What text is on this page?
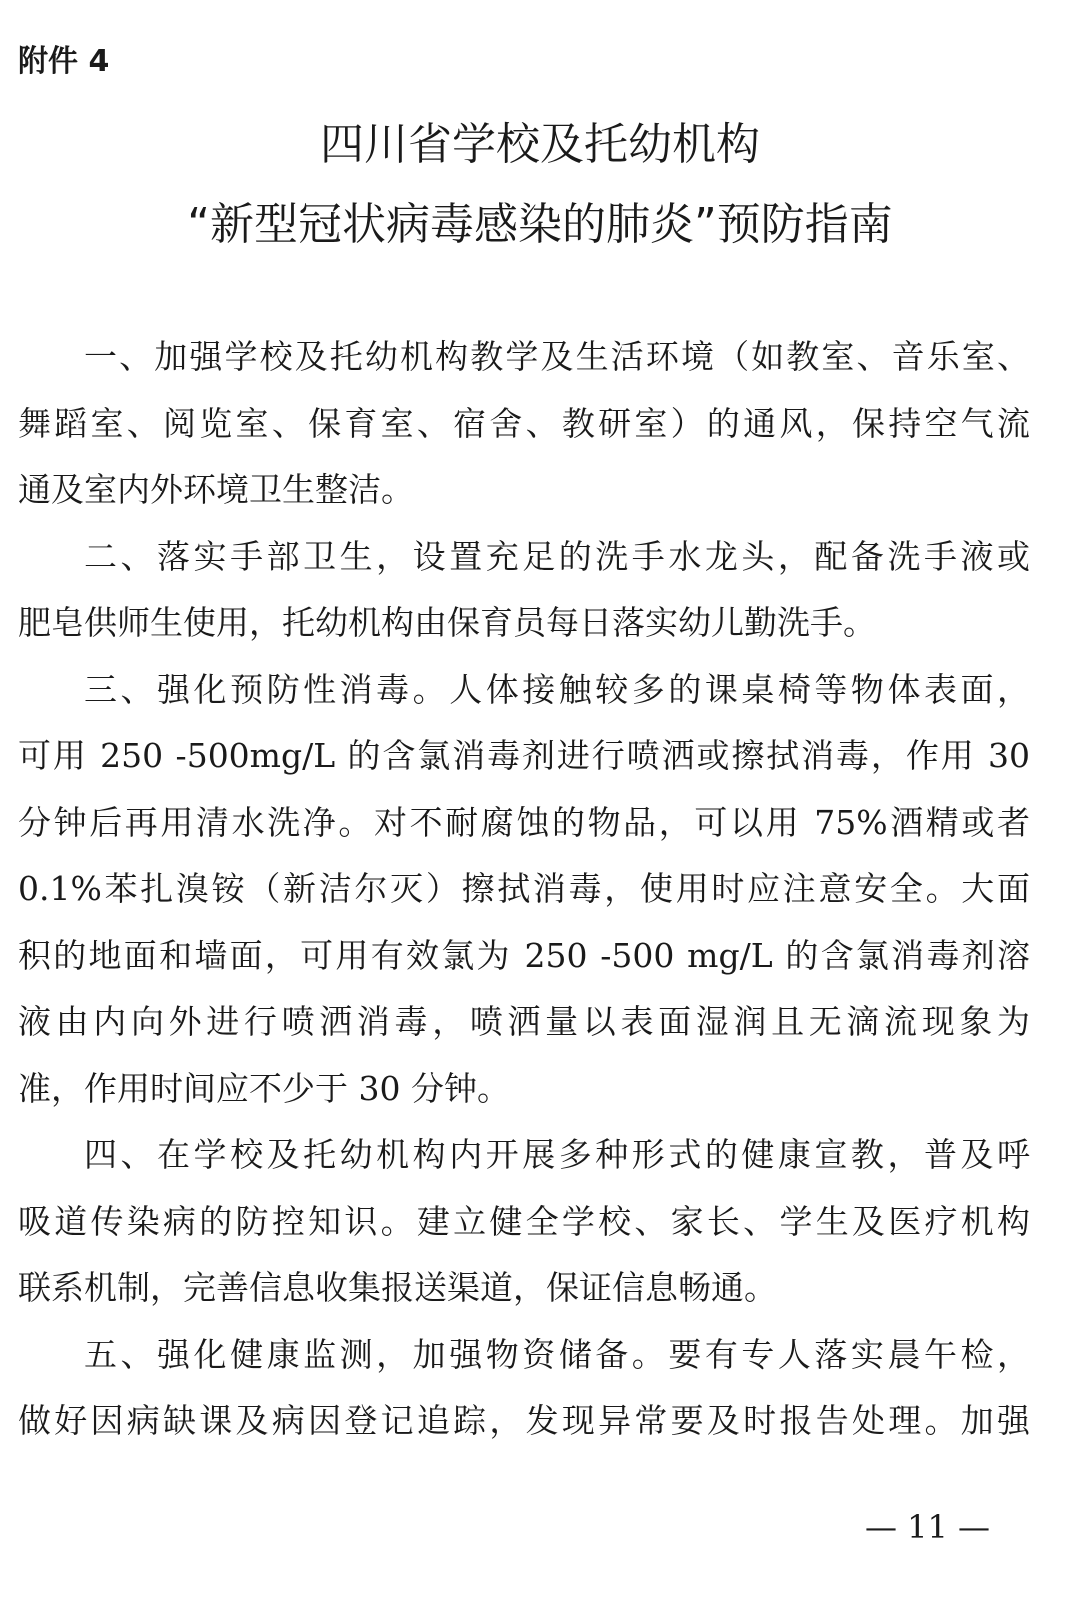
附件 4
四川省学校及托幼机构
“新型冠状病毒感染的肺炎”预防指南
一、加强学校及托幼机构教学及生活环境（如教室、音乐室、
舞蹈室、阅览室、保育室、宿舍、教研室）的通风，保持空气流
通及室内外环境卫生整洁。
二、落实手部卫生，设置充足的洗手水龙头，配备洗手液或
肥皂供师生使用，托幼机构由保育员每日落实幼儿勤洗手。
三、强化预防性消毒。人体接触较多的课桌椅等物体表面，
可用 250 -500mg/L 的含氯消毒剂进行喷洒或擦拭消毒，作用 30
分钟后再用清水洗净。对不耐腐蚀的物品，可以用 75%酒精或者
0.1%苯扎溴铵（新洁尔灭）擦拭消毒，使用时应注意安全。大面
积的地面和墙面，可用有效氯为 250 -500 mg/L 的含氯消毒剂溶
液由内向外进行喷洒消毒，喷洒量以表面湿润且无滴流现象为
准，作用时间应不少于 30 分钟。
四、在学校及托幼机构内开展多种形式的健康宣教，普及呼
吸道传染病的防控知识。建立健全学校、家长、学生及医疗机构
联系机制，完善信息收集报送渠道，保证信息畅通。
五、强化健康监测，加强物资储备。要有专人落实晨午检，
做好因病缺课及病因登记追踪，发现异常要及时报告处理。加强
— 11 —
